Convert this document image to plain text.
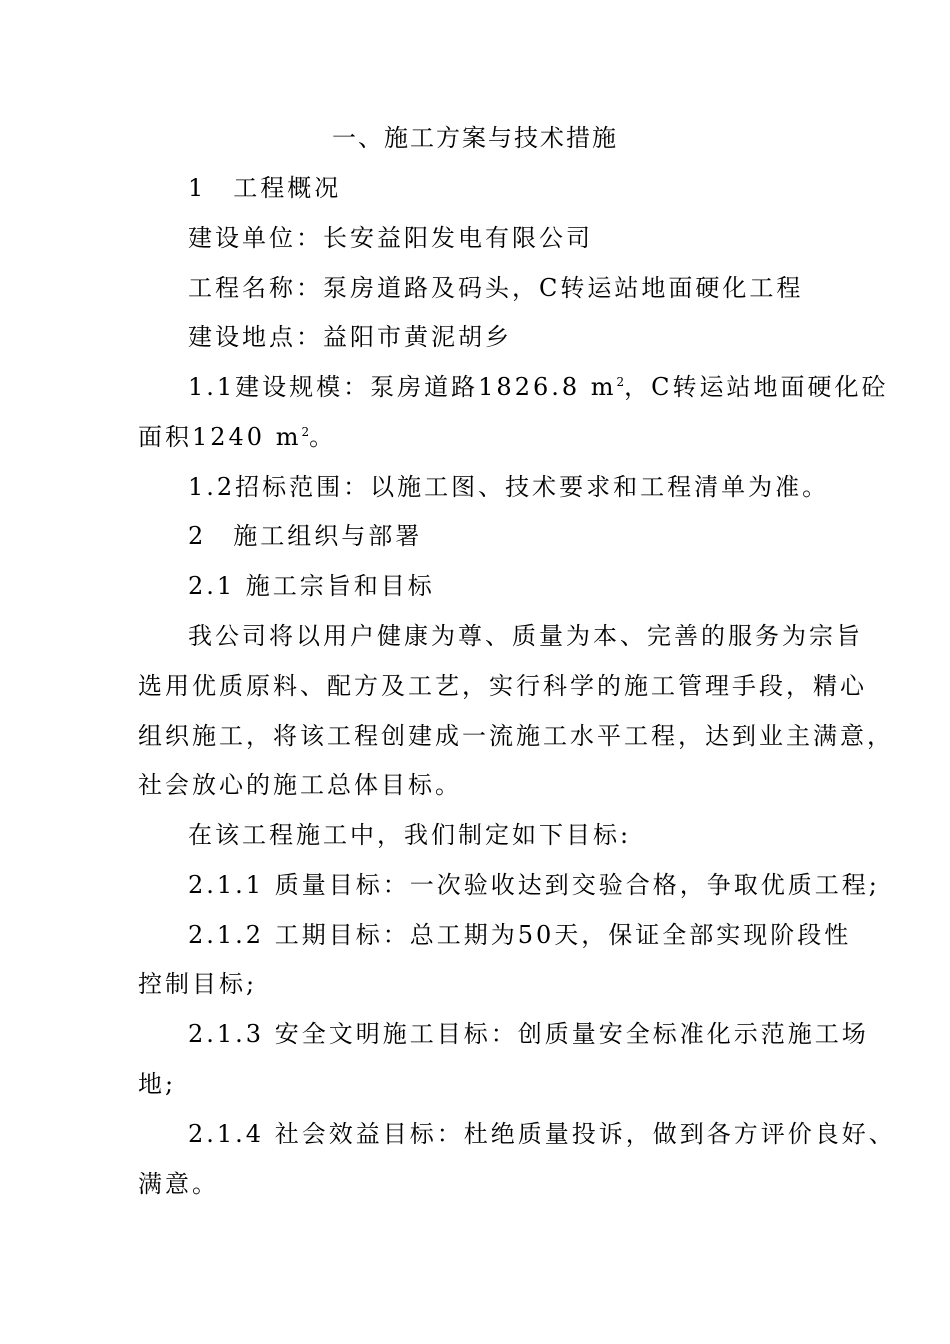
一、施工方案与技术措施
1　工程概况
建设单位：长安益阳发电有限公司
工程名称：泵房道路及码头，C转运站地面硬化工程
建设地点：益阳市黄泥胡乡
1.1建设规模：泵房道路1826.8 $m^2$，C转运站地面硬化砼
面积1240 $m^2$。
1.2招标范围：以施工图、技术要求和工程清单为准。
2　施工组织与部署
2.1 施工宗旨和目标
我公司将以用户健康为尊、质量为本、完善的服务为宗旨
选用优质原料、配方及工艺，实行科学的施工管理手段，精心
组织施工，将该工程创建成一流施工水平工程，达到业主满意，
社会放心的施工总体目标。
在该工程施工中，我们制定如下目标:
2.1.1 质量目标：一次验收达到交验合格，争取优质工程;
2.1.2 工期目标：总工期为50天，保证全部实现阶段性
控制目标;
2.1.3 安全文明施工目标：创质量安全标准化示范施工场
地;
2.1.4 社会效益目标：杜绝质量投诉，做到各方评价良好、
满意。
